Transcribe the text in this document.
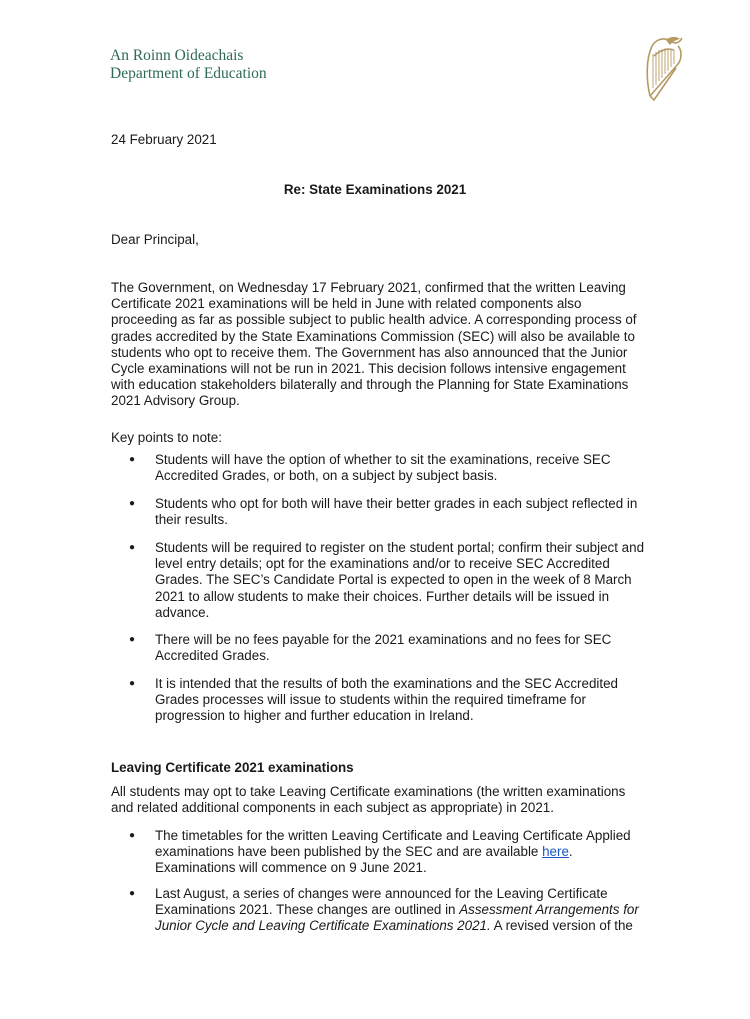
An Roinn Oideachais
Department of Education
24 February 2021
Re: State Examinations 2021
Dear Principal,
The Government, on Wednesday 17 February 2021, confirmed that the written Leaving Certificate 2021 examinations will be held in June with related components also proceeding as far as possible subject to public health advice. A corresponding process of grades accredited by the State Examinations Commission (SEC) will also be available to students who opt to receive them. The Government has also announced that the Junior Cycle examinations will not be run in 2021. This decision follows intensive engagement with education stakeholders bilaterally and through the Planning for State Examinations 2021 Advisory Group.
Key points to note:
● Students will have the option of whether to sit the examinations, receive SEC Accredited Grades, or both, on a subject by subject basis.
● Students who opt for both will have their better grades in each subject reflected in their results.
● Students will be required to register on the student portal; confirm their subject and level entry details; opt for the examinations and/or to receive SEC Accredited Grades. The SEC’s Candidate Portal is expected to open in the week of 8 March 2021 to allow students to make their choices. Further details will be issued in advance.
● There will be no fees payable for the 2021 examinations and no fees for SEC Accredited Grades.
● It is intended that the results of both the examinations and the SEC Accredited Grades processes will issue to students within the required timeframe for progression to higher and further education in Ireland.
Leaving Certificate 2021 examinations
All students may opt to take Leaving Certificate examinations (the written examinations and related additional components in each subject as appropriate) in 2021.
● The timetables for the written Leaving Certificate and Leaving Certificate Applied examinations have been published by the SEC and are available here. Examinations will commence on 9 June 2021.
● Last August, a series of changes were announced for the Leaving Certificate Examinations 2021. These changes are outlined in Assessment Arrangements for Junior Cycle and Leaving Certificate Examinations 2021. A revised version of the
